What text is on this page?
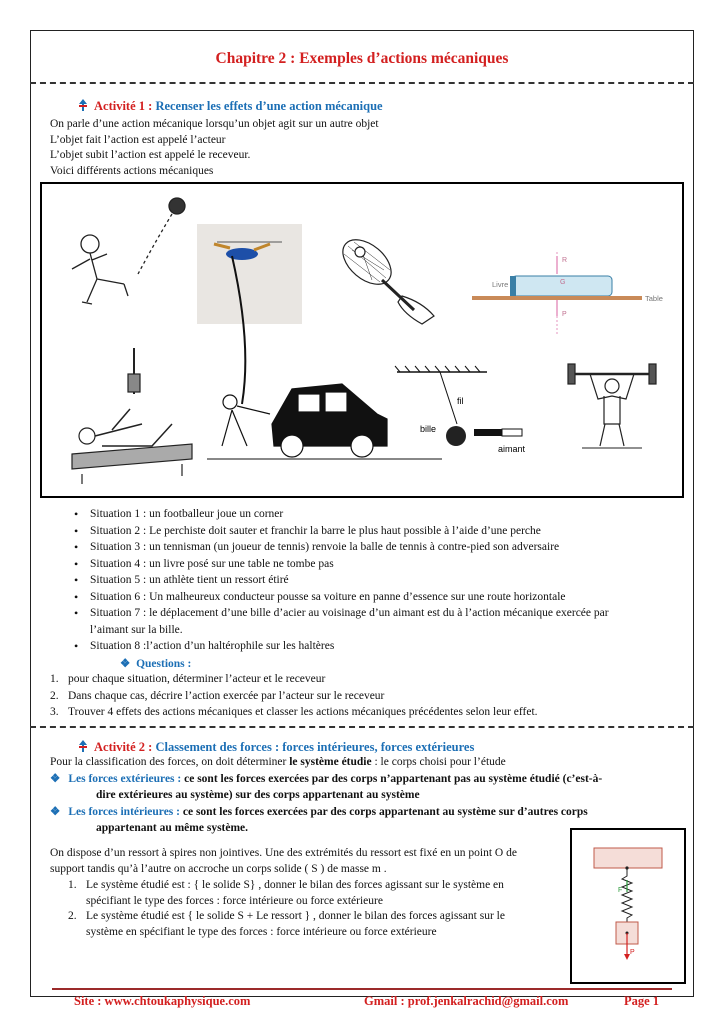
Chapitre 2 : Exemples d’actions mécaniques
Activité 1 : Recenser les effets d’une action mécanique
On parle d’une action mécanique lorsqu’un objet agit sur un autre objet
L’objet fait l’action est appelé l’acteur
L’objet subit l’action est appelé le receveur.
Voici différents actions mécaniques
Livre
Table
G
R
P
fil
bille
aimant
• Situation 1 : un footballeur joue un corner
• Situation 2 : Le perchiste doit sauter et franchir la barre le plus haut possible à l’aide d’une perche
• Situation 3 : un tennisman (un joueur de tennis) renvoie la balle de tennis à contre-pied son adversaire
• Situation 4 : un livre posé sur une table ne tombe pas
• Situation 5 : un athlète tient un ressort étiré
• Situation 6 : Un malheureux conducteur pousse sa voiture en panne d’essence sur une route horizontale
• Situation 7 : le déplacement d’une bille d’acier au voisinage d’un aimant est du à l’action mécanique exercée par
l’aimant sur la bille.
• Situation 8 :l’action d’un haltérophile sur les haltères
❖ Questions :
1. pour chaque situation, déterminer l’acteur et le receveur
2. Dans chaque cas, décrire l’action exercée par l’acteur sur le receveur
3. Trouver 4 effets des actions mécaniques et classer les actions mécaniques précédentes selon leur effet.
Activité 2 : Classement des forces : forces intérieures, forces extérieures
Pour la classification des forces, on doit déterminer le système étudie : le corps choisi pour l’étude
❖ Les forces extérieures : ce sont les forces exercées par des corps n’appartenant pas au système étudié (c’est-à-
dire extérieures au système) sur des corps appartenant au système
❖ Les forces intérieures : ce sont les forces exercées par des corps appartenant au système sur d’autres corps
appartenant au même système.
On dispose d’un ressort à spires non jointives. Une des extrémités du ressort est fixé en un point O de
support tandis qu’à l’autre on accroche un corps solide ( S ) de masse m .
1. Le système étudié est : { le solide S} , donner le bilan des forces agissant sur le système en
spécifiant le type des forces : force intérieure ou force extérieure
2. Le système étudié est { le solide S + Le ressort } , donner le bilan des forces agissant sur le
système en spécifiant le type des forces : force intérieure ou force extérieure
F
P
Site : www.chtoukaphysique.com	Gmail : prof.jenkalrachid@gmail.com	Page 1
